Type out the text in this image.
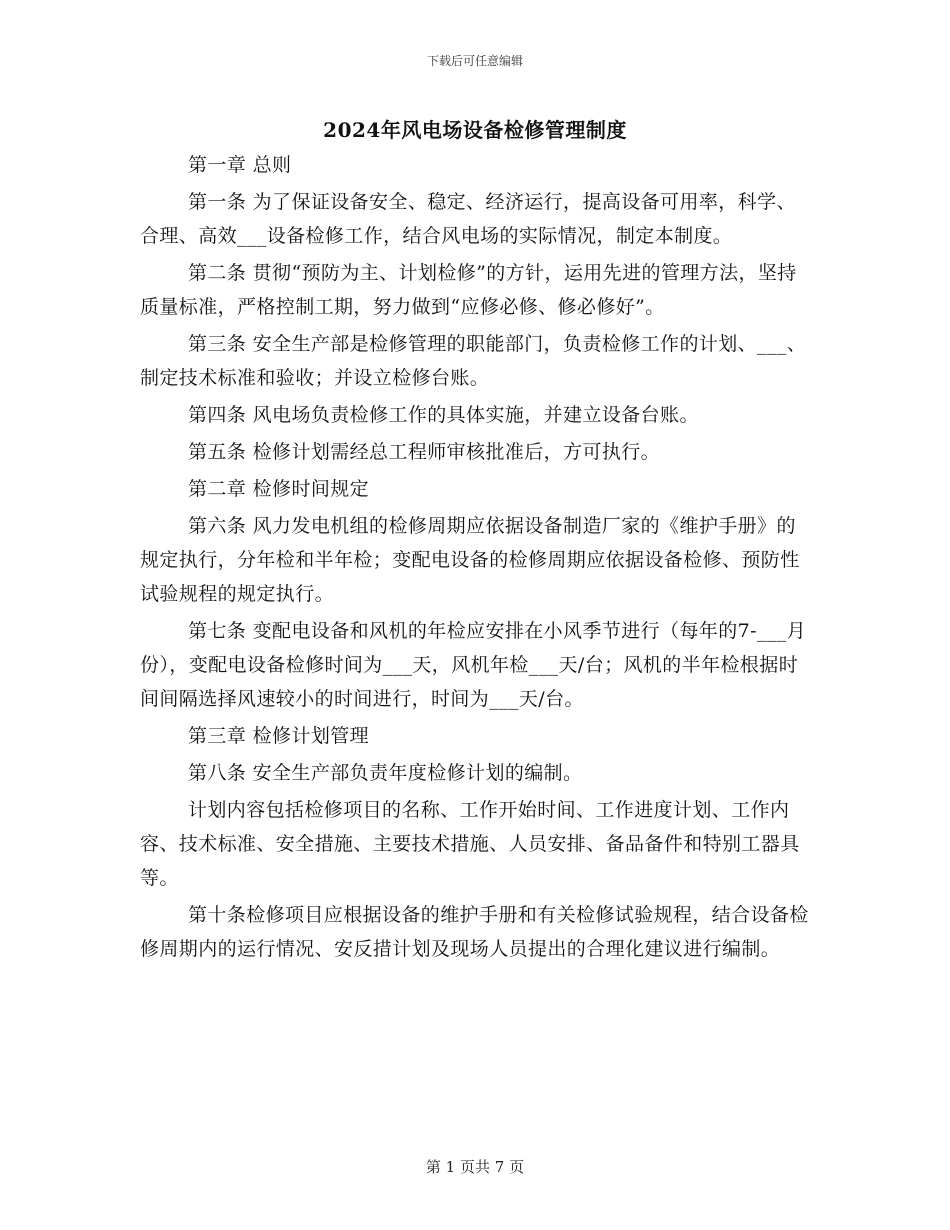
下载后可任意编辑
2024年风电场设备检修管理制度

第一章 总则

第一条 为了保证设备安全、稳定、经济运行，提高设备可用率，科学、合理、高效___设备检修工作，结合风电场的实际情况，制定本制度。

第二条 贯彻“预防为主、计划检修”的方针，运用先进的管理方法，坚持质量标准，严格控制工期，努力做到“应修必修、修必修好”。

第三条 安全生产部是检修管理的职能部门，负责检修工作的计划、___、制定技术标准和验收；并设立检修台账。

第四条 风电场负责检修工作的具体实施，并建立设备台账。

第五条 检修计划需经总工程师审核批准后，方可执行。

第二章 检修时间规定

第六条 风力发电机组的检修周期应依据设备制造厂家的《维护手册》的规定执行，分年检和半年检；变配电设备的检修周期应依据设备检修、预防性试验规程的规定执行。

第七条 变配电设备和风机的年检应安排在小风季节进行（每年的7-___月份），变配电设备检修时间为___天，风机年检___天/台；风机的半年检根据时间间隔选择风速较小的时间进行，时间为___天/台。

第三章 检修计划管理

第八条 安全生产部负责年度检修计划的编制。

计划内容包括检修项目的名称、工作开始时间、工作进度计划、工作内容、技术标准、安全措施、主要技术措施、人员安排、备品备件和特别工器具等。

第十条检修项目应根据设备的维护手册和有关检修试验规程，结合设备检修周期内的运行情况、安反措计划及现场人员提出的合理化建议进行编制。

第 1 页共 7 页
